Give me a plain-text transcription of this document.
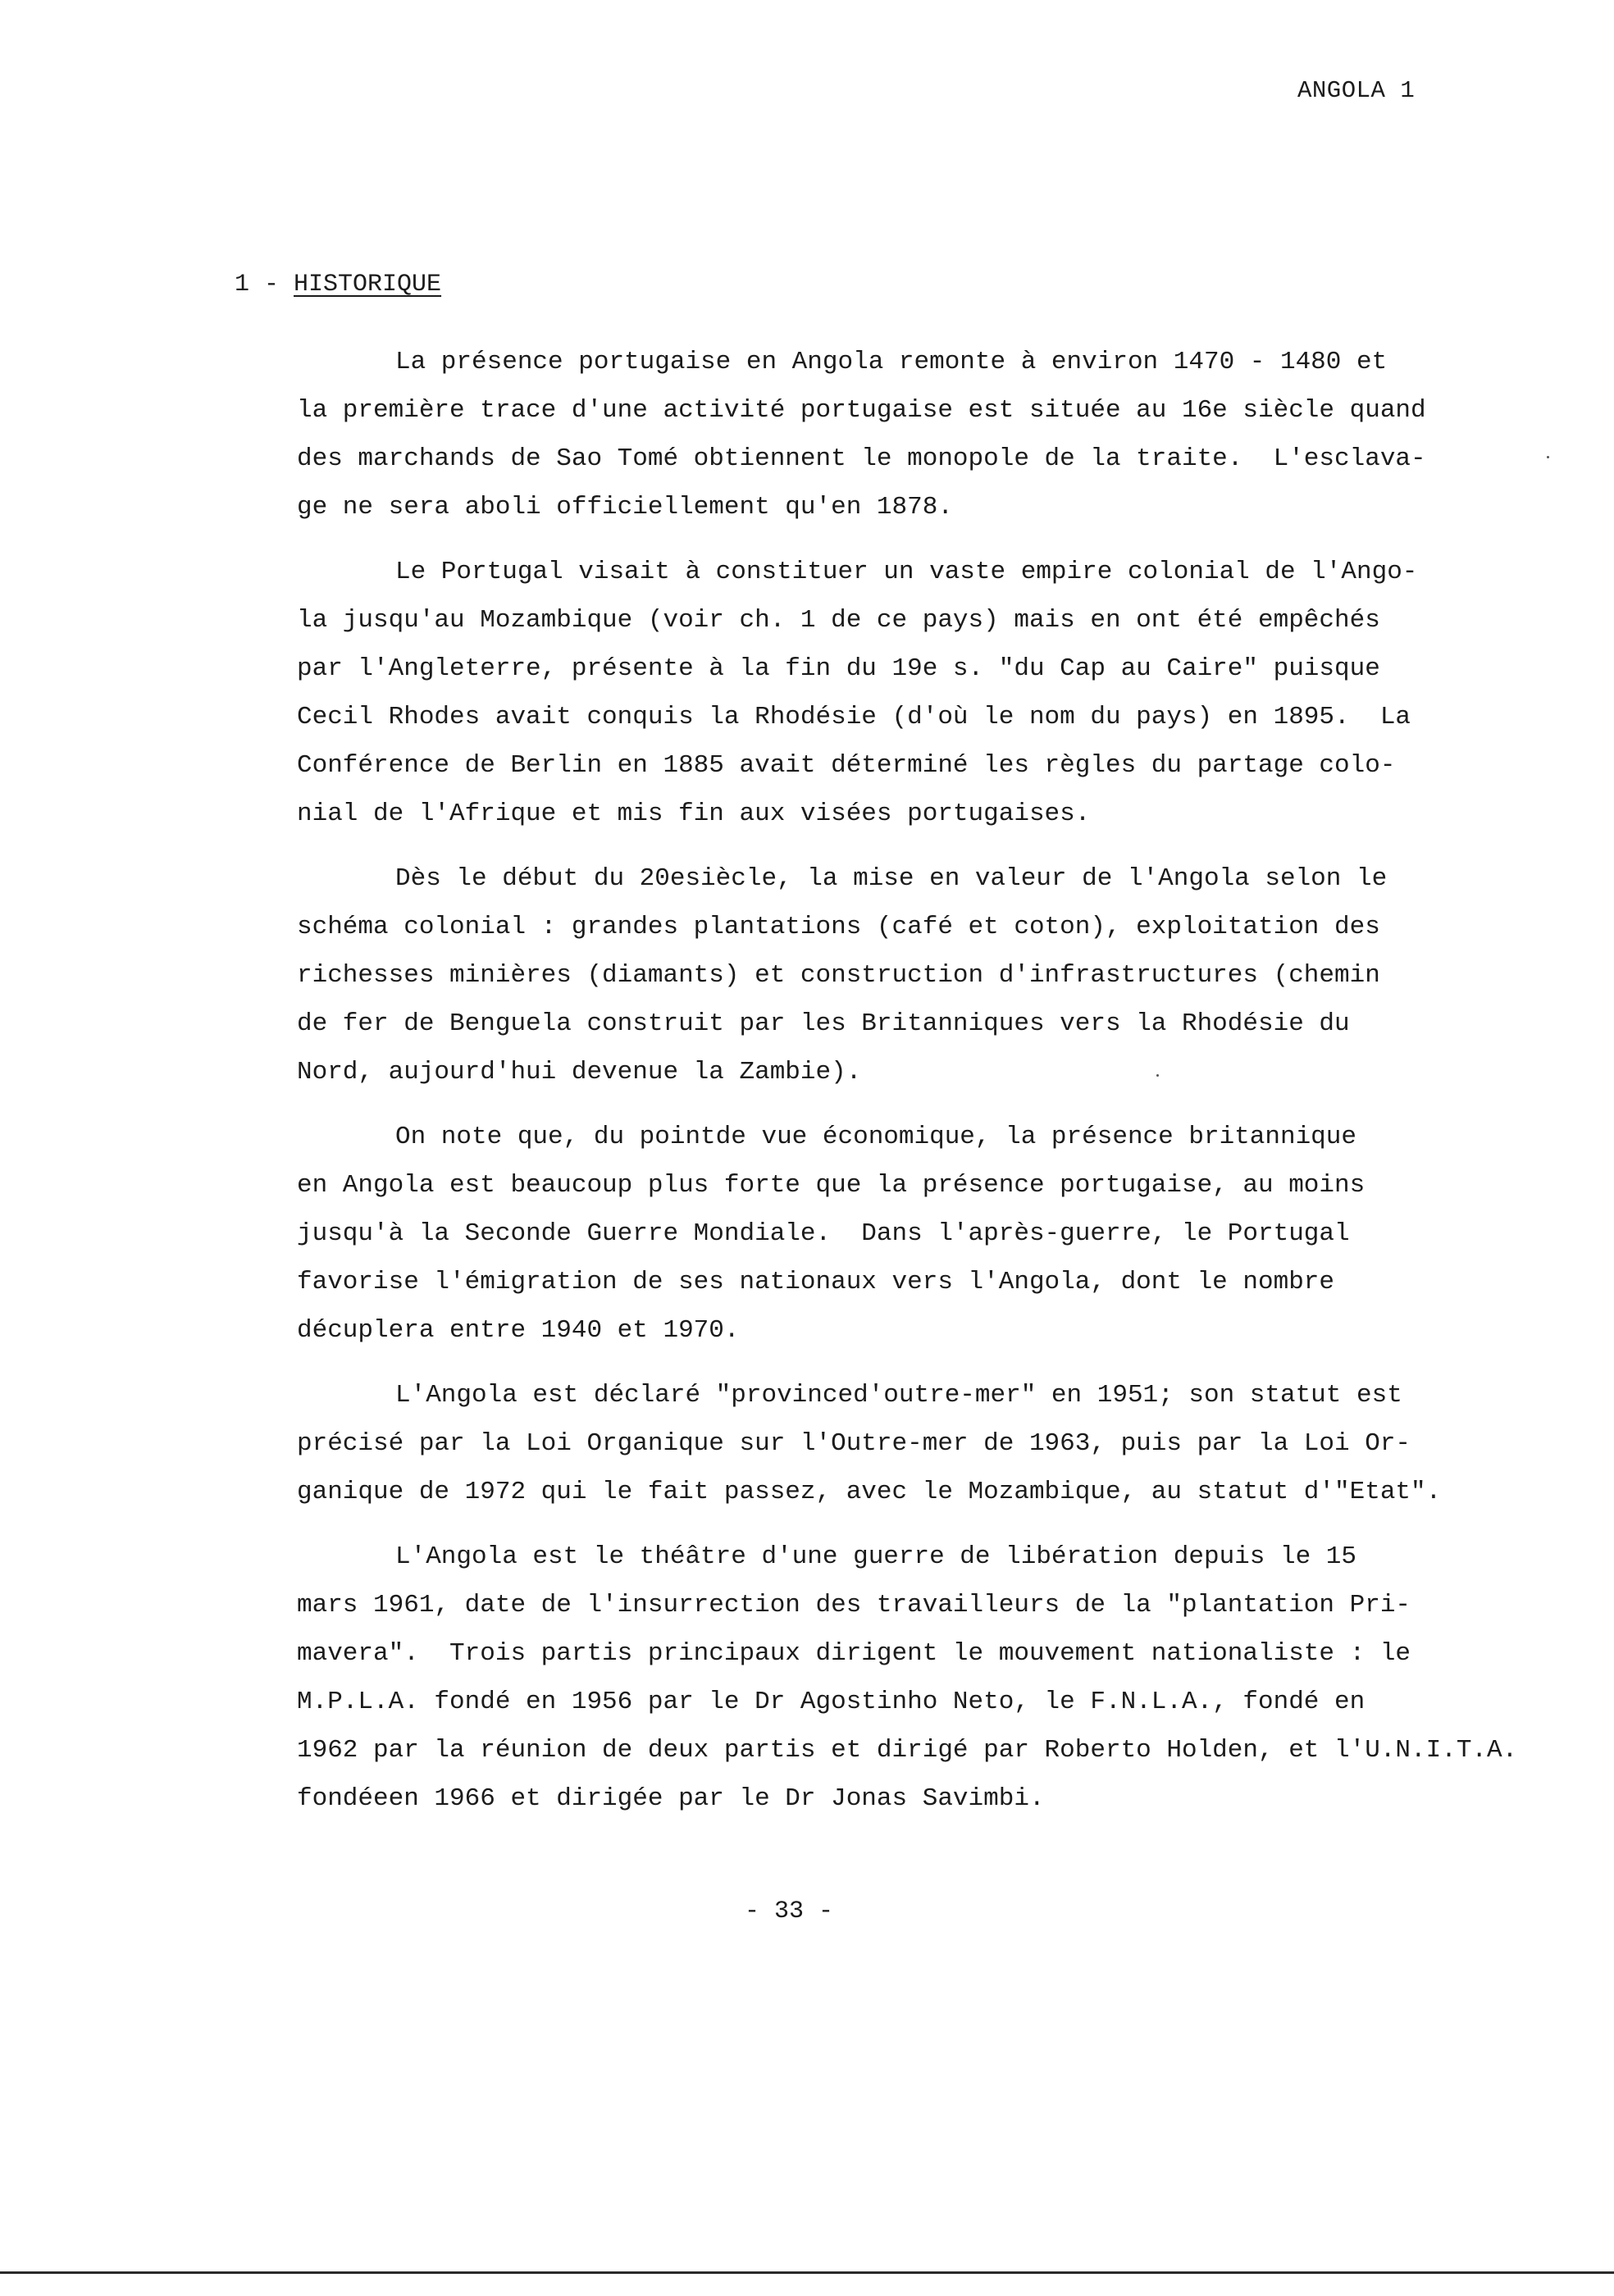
ANGOLA 1
1 - HISTORIQUE
La présence portugaise en Angola remonte à environ 1470 - 1480 et
la première trace d'une activité portugaise est située au 16e siècle quand
des marchands de Sao Tomé obtiennent le monopole de la traite.  L'esclava-
ge ne sera aboli officiellement qu'en 1878.
Le Portugal visait à constituer un vaste empire colonial de l'Ango-
la jusqu'au Mozambique (voir ch. 1 de ce pays) mais en ont été empêchés
par l'Angleterre, présente à la fin du 19e s. "du Cap au Caire" puisque
Cecil Rhodes avait conquis la Rhodésie (d'où le nom du pays) en 1895.  La
Conférence de Berlin en 1885 avait déterminé les règles du partage colo-
nial de l'Afrique et mis fin aux visées portugaises.
Dès le début du 20esiècle, la mise en valeur de l'Angola selon le
schéma colonial : grandes plantations (café et coton), exploitation des
richesses minières (diamants) et construction d'infrastructures (chemin
de fer de Benguela construit par les Britanniques vers la Rhodésie du
Nord, aujourd'hui devenue la Zambie).
On note que, du pointde vue économique, la présence britannique
en Angola est beaucoup plus forte que la présence portugaise, au moins
jusqu'à la Seconde Guerre Mondiale.  Dans l'après-guerre, le Portugal
favorise l'émigration de ses nationaux vers l'Angola, dont le nombre
décuplera entre 1940 et 1970.
L'Angola est déclaré "provinced'outre-mer" en 1951; son statut est
précisé par la Loi Organique sur l'Outre-mer de 1963, puis par la Loi Or-
ganique de 1972 qui le fait passez, avec le Mozambique, au statut d'"Etat".
L'Angola est le théâtre d'une guerre de libération depuis le 15
mars 1961, date de l'insurrection des travailleurs de la "plantation Pri-
mavera".  Trois partis principaux dirigent le mouvement nationaliste : le
M.P.L.A. fondé en 1956 par le Dr Agostinho Neto, le F.N.L.A., fondé en
1962 par la réunion de deux partis et dirigé par Roberto Holden, et l'U.N.I.T.A.
fondéeen 1966 et dirigée par le Dr Jonas Savimbi.
- 33 -
